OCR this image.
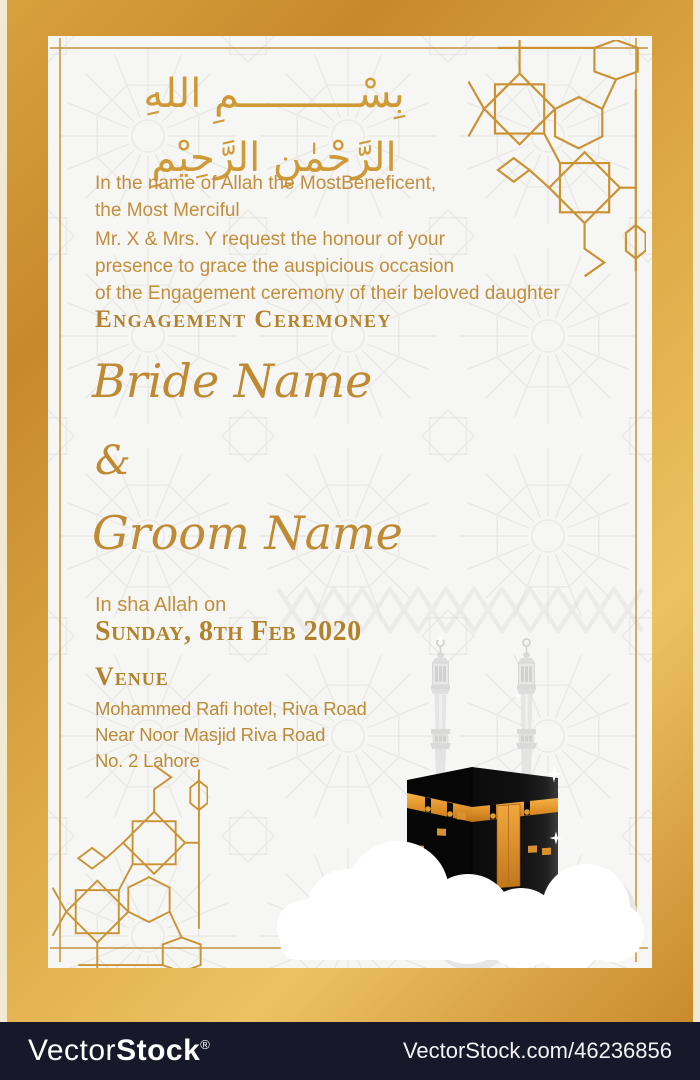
بِسْــــــــــمِ اللهِ الرَّحْمٰنِ الرَّحِيْمِ
In the name of Allah the MostBeneficent,
the Most Merciful
Mr. X & Mrs. Y request the honour of your
presence to grace the auspicious occasion
of the Engagement ceremony of their beloved daughter
Engagement Ceremoney
Bride Name
&
Groom Name
In sha Allah on
Sunday, 8th Feb 2020
Venue
Mohammed Rafi hotel, Riva Road
Near Noor Masjid Riva Road
No. 2 Lahore
VectorStock®	VectorStock.com/46236856
